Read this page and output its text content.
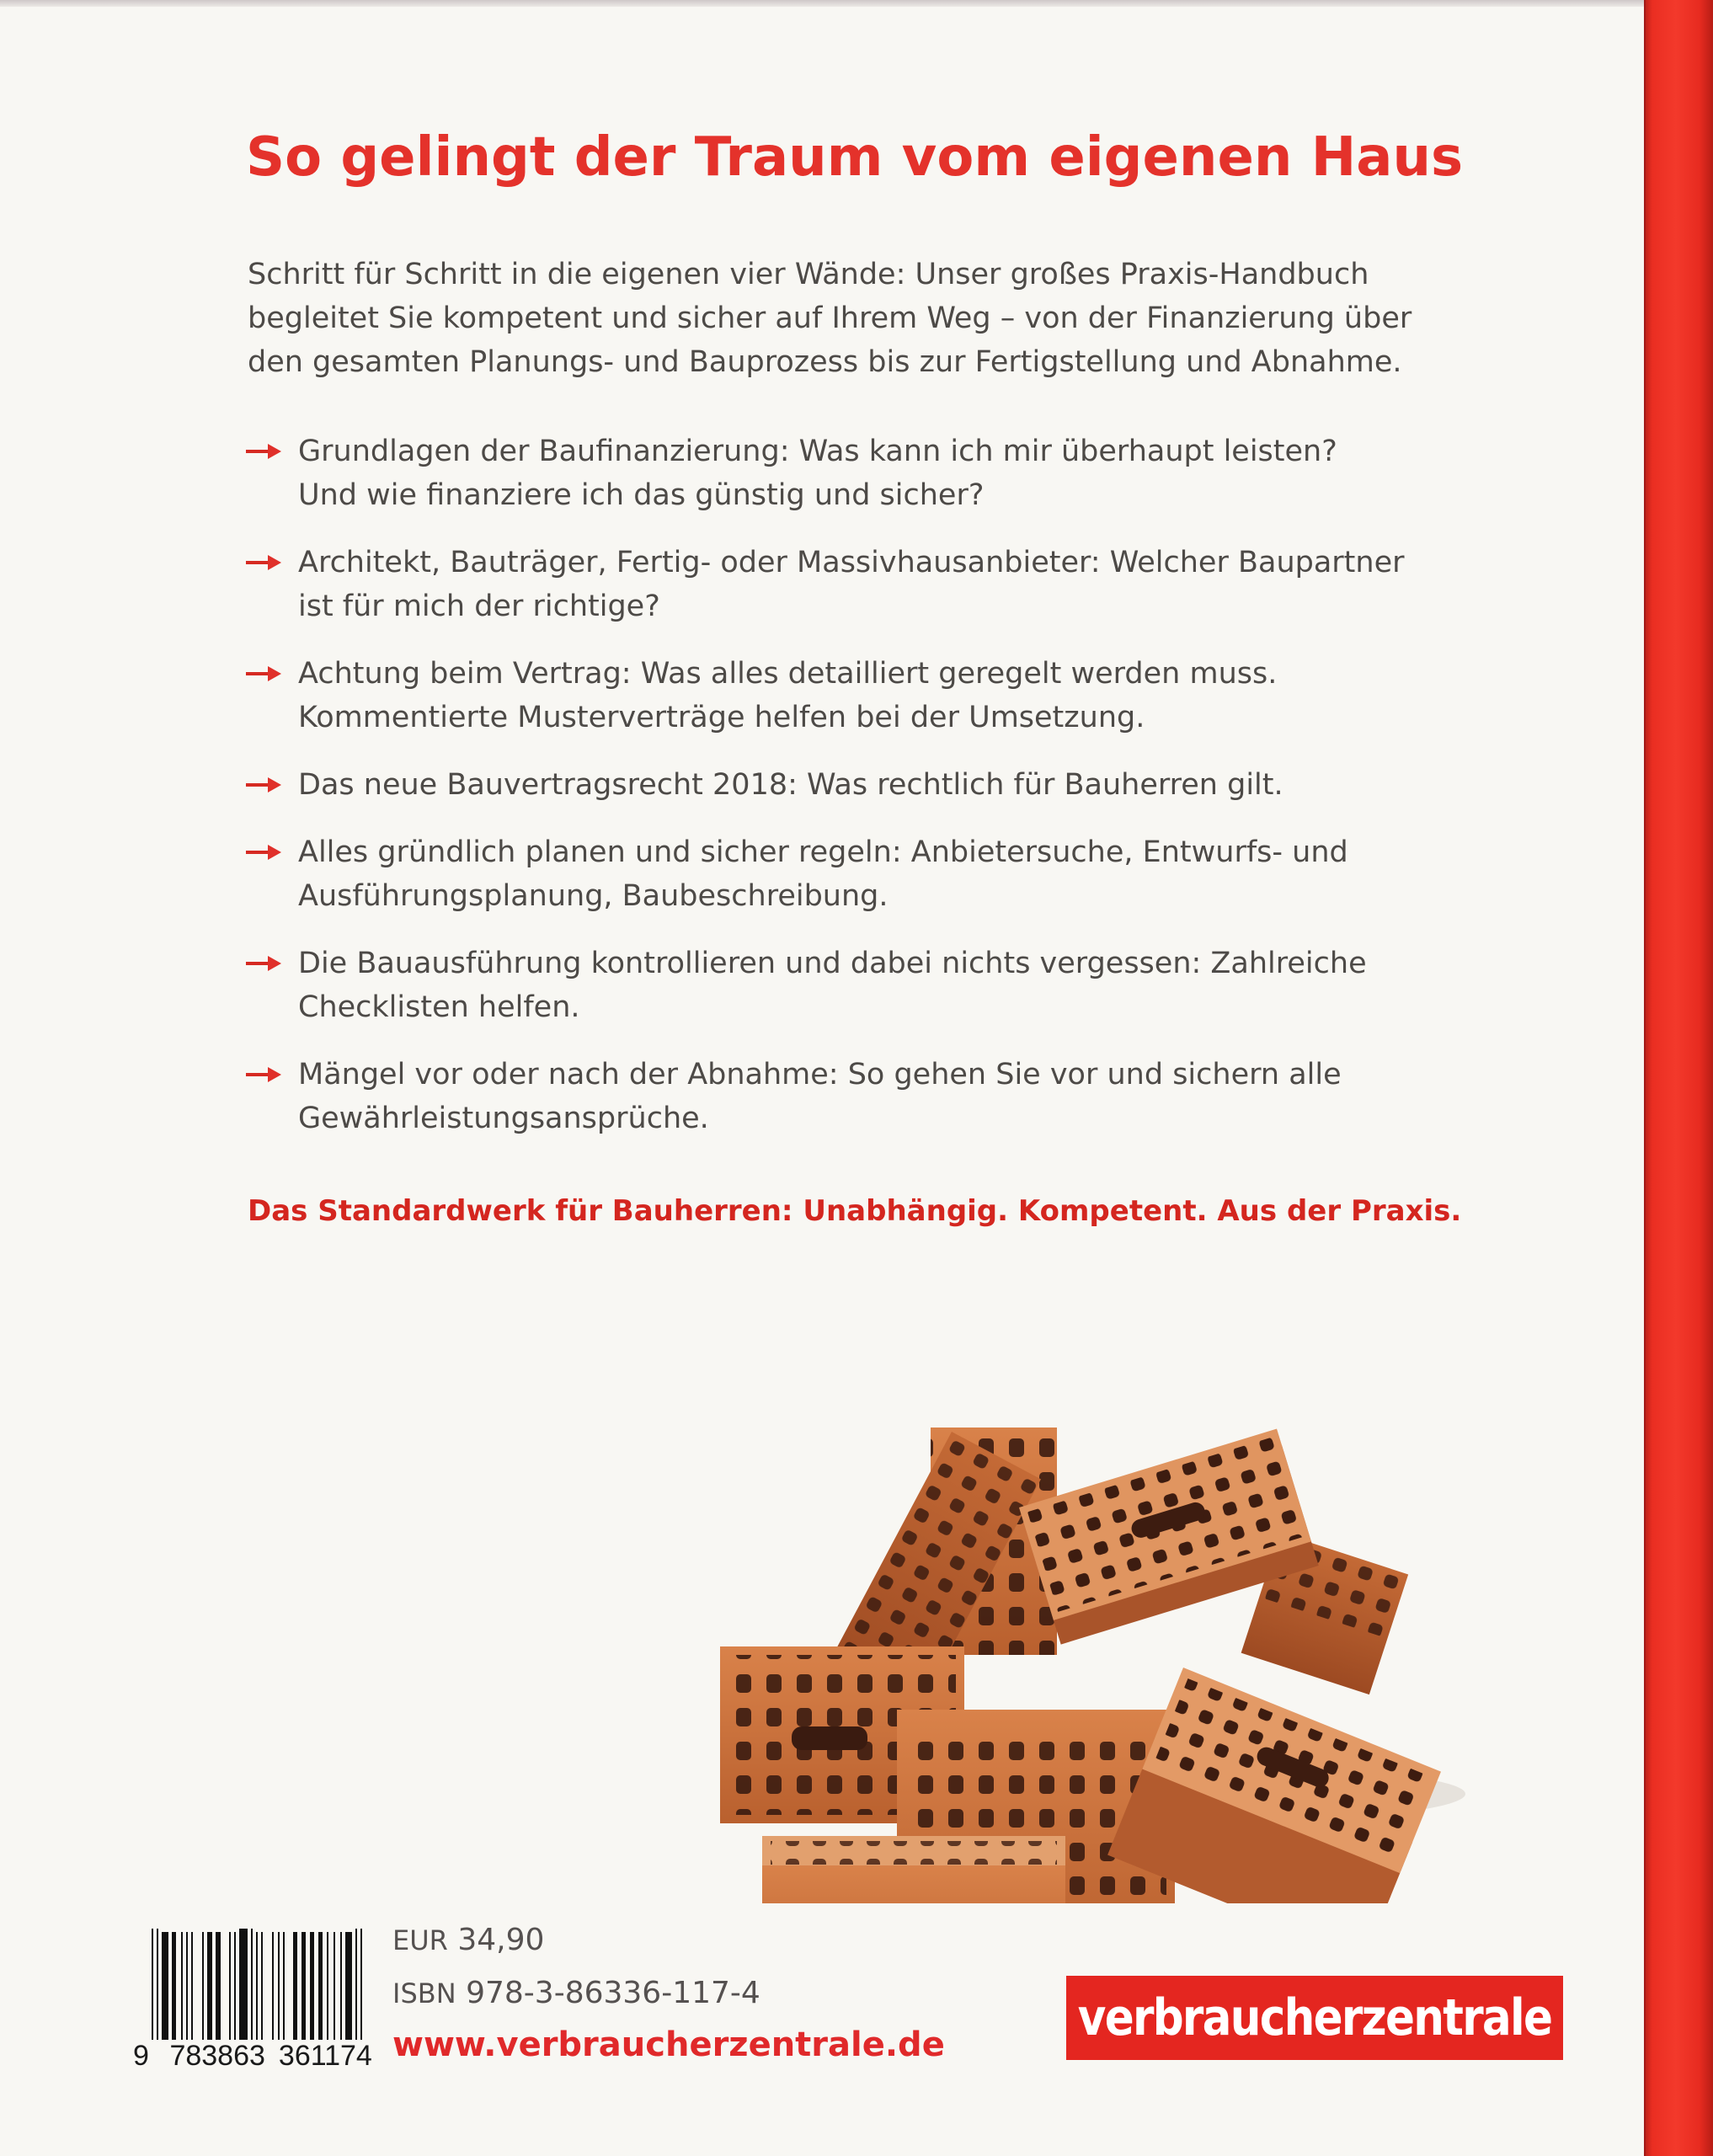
So gelingt der Traum vom eigenen Haus
Schritt für Schritt in die eigenen vier Wände: Unser großes Praxis-Handbuch
begleitet Sie kompetent und sicher auf Ihrem Weg – von der Finanzierung über
den gesamten Planungs- und Bauprozess bis zur Fertigstellung und Abnahme.
Grundlagen der Baufinanzierung: Was kann ich mir überhaupt leisten?
Und wie finanziere ich das günstig und sicher?
Architekt, Bauträger, Fertig- oder Massivhausanbieter: Welcher Baupartner
ist für mich der richtige?
Achtung beim Vertrag: Was alles detailliert geregelt werden muss.
Kommentierte Musterverträge helfen bei der Umsetzung.
Das neue Bauvertragsrecht 2018: Was rechtlich für Bauherren gilt.
Alles gründlich planen und sicher regeln: Anbietersuche, Entwurfs- und
Ausführungsplanung, Baubeschreibung.
Die Bauausführung kontrollieren und dabei nichts vergessen: Zahlreiche
Checklisten helfen.
Mängel vor oder nach der Abnahme: So gehen Sie vor und sichern alle
Gewährleistungsansprüche.
Das Standardwerk für Bauherren: Unabhängig. Kompetent. Aus der Praxis.
9 783863 361174
EUR 34,90
ISBN 978-3-86336-117-4
www.verbraucherzentrale.de	verbraucherzentrale
